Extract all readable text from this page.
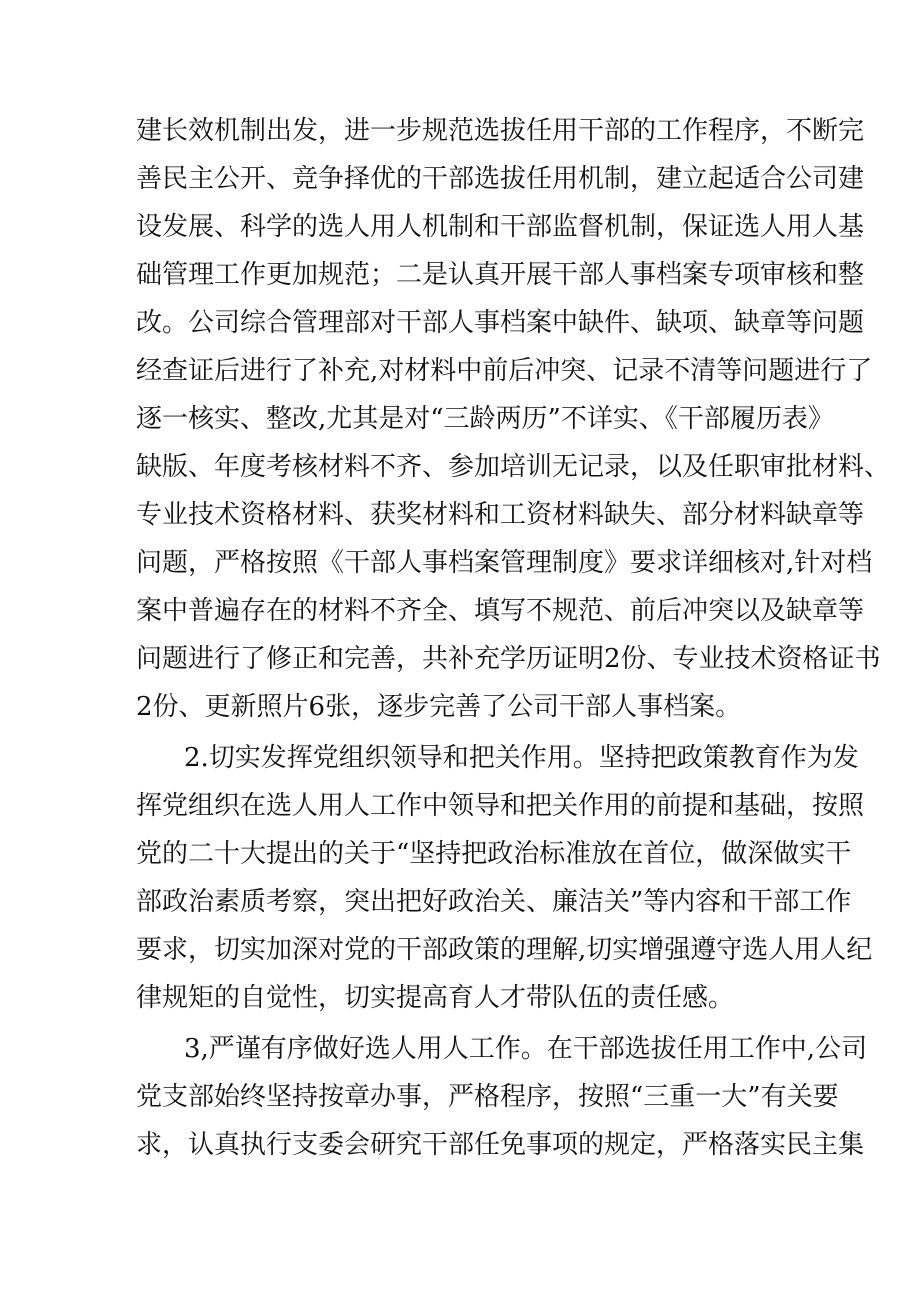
建长效机制出发，进一步规范选拔任用干部的工作程序，不断完
善民主公开、竞争择优的干部选拔任用机制，建立起适合公司建
设发展、科学的选人用人机制和干部监督机制，保证选人用人基
础管理工作更加规范；二是认真开展干部人事档案专项审核和整
改。公司综合管理部对干部人事档案中缺件、缺项、缺章等问题
经查证后进行了补充,对材料中前后冲突、记录不清等问题进行了
逐一核实、整改,尤其是对“三龄两历”不详实、《干部履历表》
缺版、年度考核材料不齐、参加培训无记录，以及任职审批材料、
专业技术资格材料、获奖材料和工资材料缺失、部分材料缺章等
问题，严格按照《干部人事档案管理制度》要求详细核对,针对档
案中普遍存在的材料不齐全、填写不规范、前后冲突以及缺章等
问题进行了修正和完善，共补充学历证明2份、专业技术资格证书
2份、更新照片6张，逐步完善了公司干部人事档案。
2.切实发挥党组织领导和把关作用。坚持把政策教育作为发
挥党组织在选人用人工作中领导和把关作用的前提和基础，按照
党的二十大提出的关于“坚持把政治标准放在首位，做深做实干
部政治素质考察，突出把好政治关、廉洁关”等内容和干部工作
要求，切实加深对党的干部政策的理解,切实增强遵守选人用人纪
律规矩的自觉性，切实提高育人才带队伍的责任感。
3,严谨有序做好选人用人工作。在干部选拔任用工作中,公司
党支部始终坚持按章办事，严格程序，按照“三重一大”有关要
求，认真执行支委会研究干部任免事项的规定，严格落实民主集
